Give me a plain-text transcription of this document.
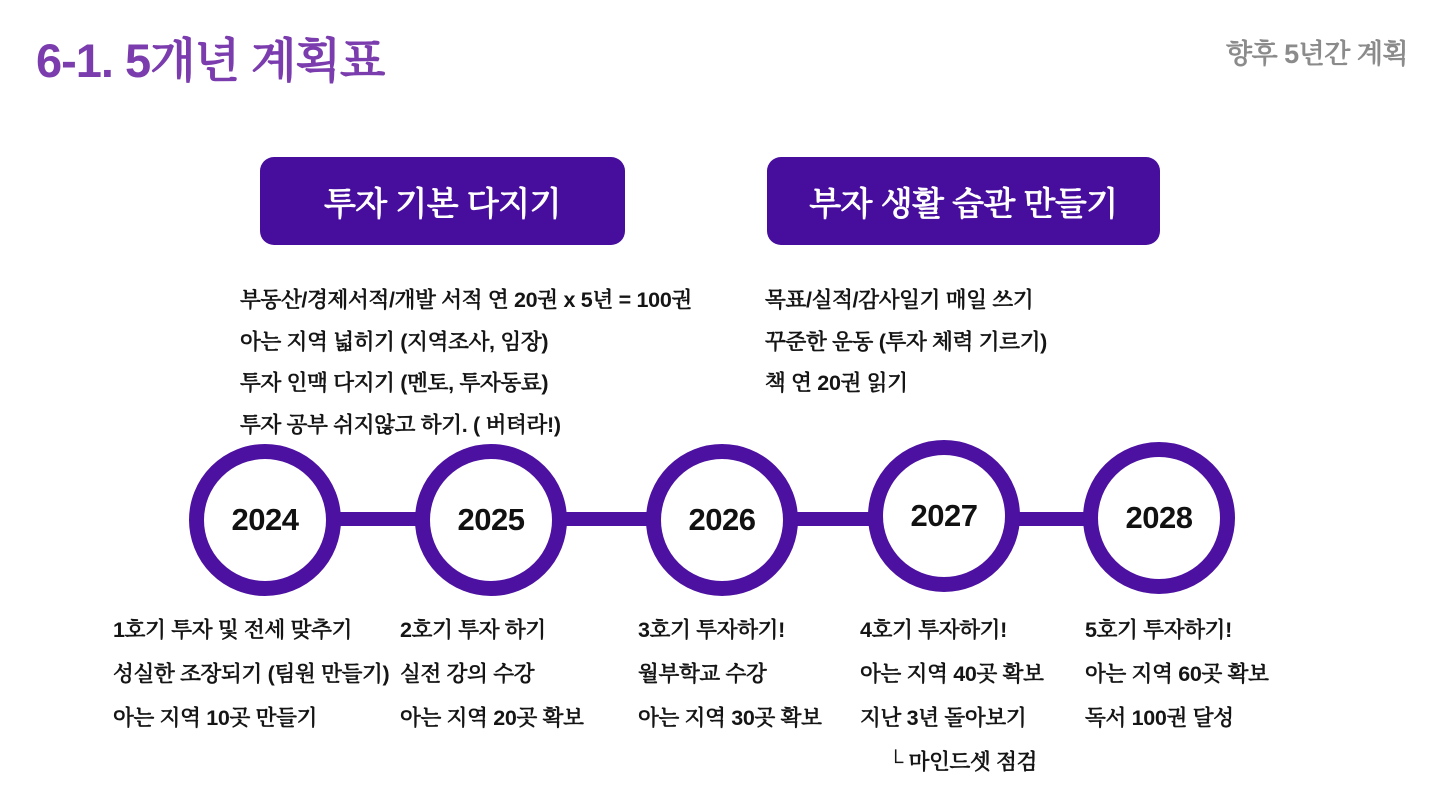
6-1. 5개년 계획표	향후 5년간 계획
투자 기본 다지기	부자 생활 습관 만들기
부동산/경제서적/개발 서적 연 20권 x 5년 = 100권
아는 지역 넓히기 (지역조사, 임장)
투자 인맥 다지기 (멘토, 투자동료)
투자 공부 쉬지않고 하기. ( 버텨라!)
목표/실적/감사일기 매일 쓰기
꾸준한 운동 (투자 체력 기르기)
책 연 20권 읽기
2024	2025	2026	2027	2028
1호기 투자 및 전세 맞추기
성실한 조장되기 (팀원 만들기)
아는 지역 10곳 만들기
2호기 투자 하기
실전 강의 수강
아는 지역 20곳 확보
3호기 투자하기!
월부학교 수강
아는 지역 30곳 확보
4호기 투자하기!
아는 지역 40곳 확보
지난 3년 돌아보기
└ 마인드셋 점검
5호기 투자하기!
아는 지역 60곳 확보
독서 100권 달성
